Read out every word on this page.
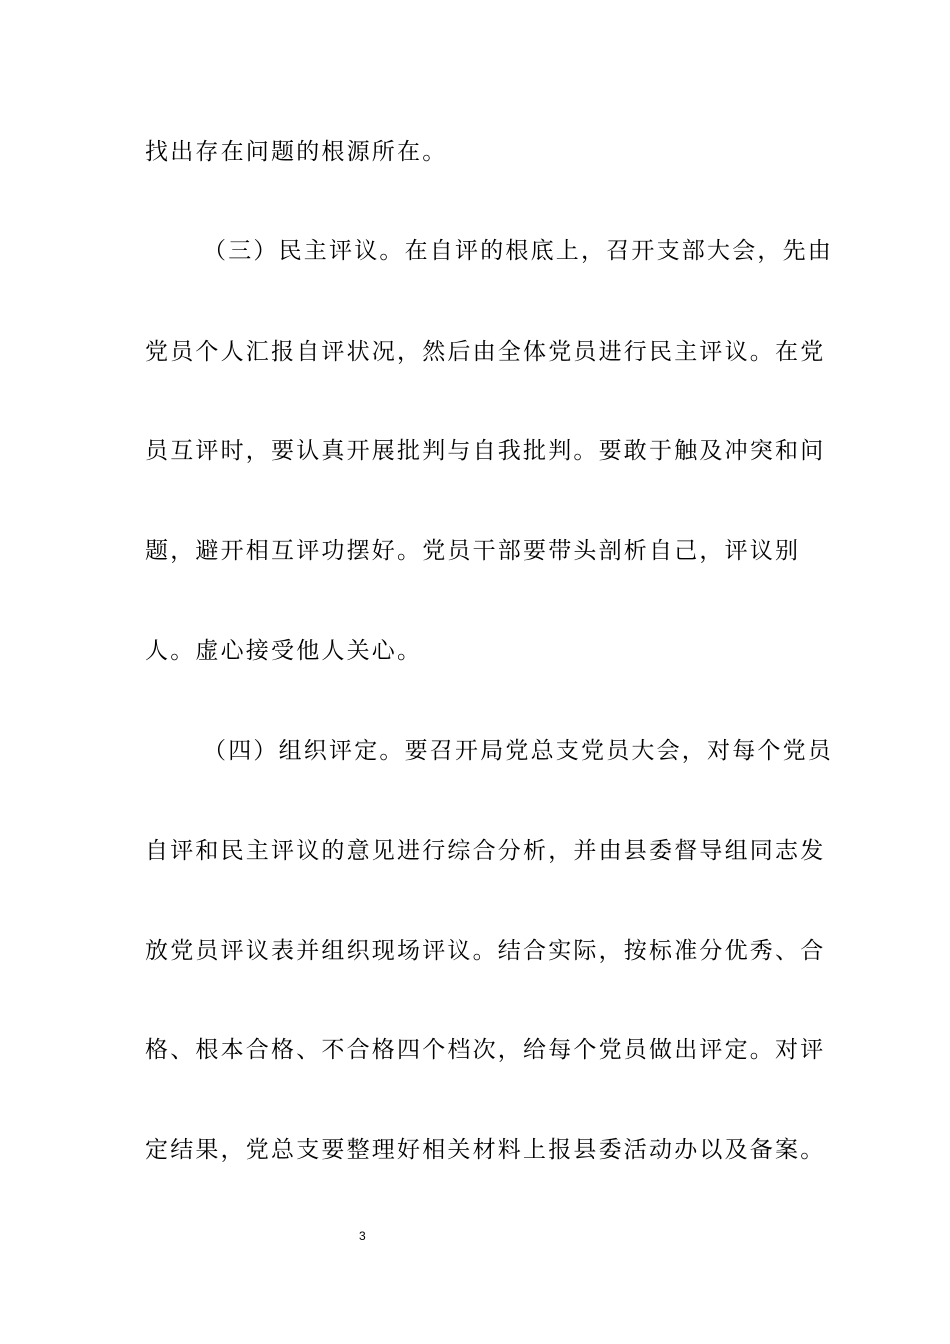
找出存在问题的根源所在。
（三）民主评议。在自评的根底上，召开支部大会，先由
党员个人汇报自评状况，然后由全体党员进行民主评议。在党
员互评时，要认真开展批判与自我批判。要敢于触及冲突和问
题，避开相互评功摆好。党员干部要带头剖析自己，评议别
人。虚心接受他人关心。
（四）组织评定。要召开局党总支党员大会，对每个党员
自评和民主评议的意见进行综合分析，并由县委督导组同志发
放党员评议表并组织现场评议。结合实际，按标准分优秀、合
格、根本合格、不合格四个档次，给每个党员做出评定。对评
定结果，党总支要整理好相关材料上报县委活动办以及备案。
3
